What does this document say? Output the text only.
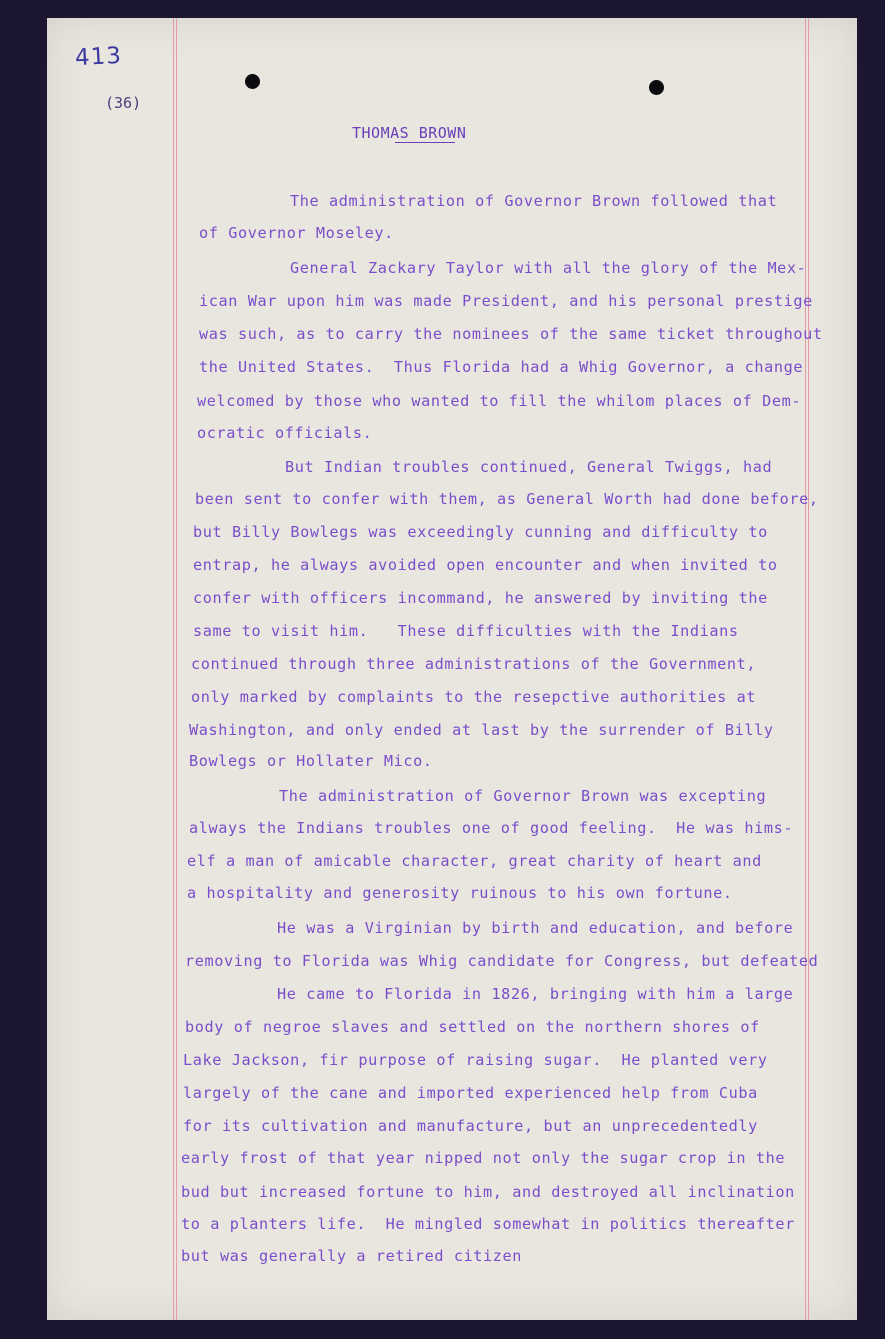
413
(36)
THOMAS BROWN
The administration of Governor Brown followed that
of Governor Moseley.
General Zackary Taylor with all the glory of the Mex-
ican War upon him was made President, and his personal prestige
was such, as to carry the nominees of the same ticket throughout
the United States.  Thus Florida had a Whig Governor, a change
welcomed by those who wanted to fill the whilom places of Dem-
ocratic officials.
But Indian troubles continued, General Twiggs, had
been sent to confer with them, as General Worth had done before,
but Billy Bowlegs was exceedingly cunning and difficulty to
entrap, he always avoided open encounter and when invited to
confer with officers incommand, he answered by inviting the
same to visit him.   These difficulties with the Indians
continued through three administrations of the Government,
only marked by complaints to the resepctive authorities at
Washington, and only ended at last by the surrender of Billy
Bowlegs or Hollater Mico.
The administration of Governor Brown was excepting
always the Indians troubles one of good feeling.  He was hims-
elf a man of amicable character, great charity of heart and
a hospitality and generosity ruinous to his own fortune.
He was a Virginian by birth and education, and before
removing to Florida was Whig candidate for Congress, but defeated
He came to Florida in 1826, bringing with him a large
body of negroe slaves and settled on the northern shores of
Lake Jackson, fir purpose of raising sugar.  He planted very
largely of the cane and imported experienced help from Cuba
for its cultivation and manufacture, but an unprecedentedly
early frost of that year nipped not only the sugar crop in the
bud but increased fortune to him, and destroyed all inclination
to a planters life.  He mingled somewhat in politics thereafter
but was generally a retired citizen
